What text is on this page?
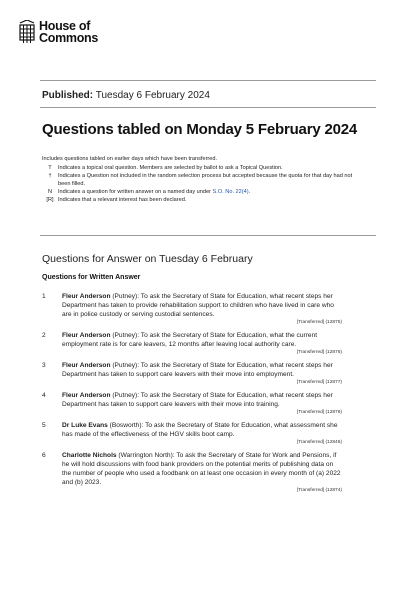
House of
Commons
Published: Tuesday 6 February 2024
Questions tabled on Monday 5 February 2024
Includes questions tabled on earlier days which have been transferred.
T	Indicates a topical oral question. Members are selected by ballot to ask a Topical Question.
†	Indicates a Question not included in the random selection process but accepted because the quota for that day had not been filled.
N	Indicates a question for written answer on a named day under S.O. No. 22(4).
[R] Indicates that a relevant interest has been declared.
Questions for Answer on Tuesday 6 February
Questions for Written Answer
1	Fleur Anderson (Putney): To ask the Secretary of State for Education, what recent steps her Department has taken to provide rehabilitation support to children who have lived in care who are in police custody or serving custodial sentences.
[Transferred] (12875)
2	Fleur Anderson (Putney): To ask the Secretary of State for Education, what the current employment rate is for care leavers, 12 months after leaving local authority care.
[Transferred] (12876)
3	Fleur Anderson (Putney): To ask the Secretary of State for Education, what recent steps her Department has taken to support care leavers with their move into employment.
[Transferred] (12877)
4	Fleur Anderson (Putney): To ask the Secretary of State for Education, what recent steps her Department has taken to support care leavers with their move into training.
[Transferred] (12878)
5	Dr Luke Evans (Bosworth): To ask the Secretary of State for Education, what assessment she has made of the effectiveness of the HGV skills boot camp.
[Transferred] (12846)
6	Charlotte Nichols (Warrington North): To ask the Secretary of State for Work and Pensions, if he will hold discussions with food bank providers on the potential merits of publishing data on the number of people who used a foodbank on at least one occasion in every month of (a) 2022 and (b) 2023.
[Transferred] (12874)
